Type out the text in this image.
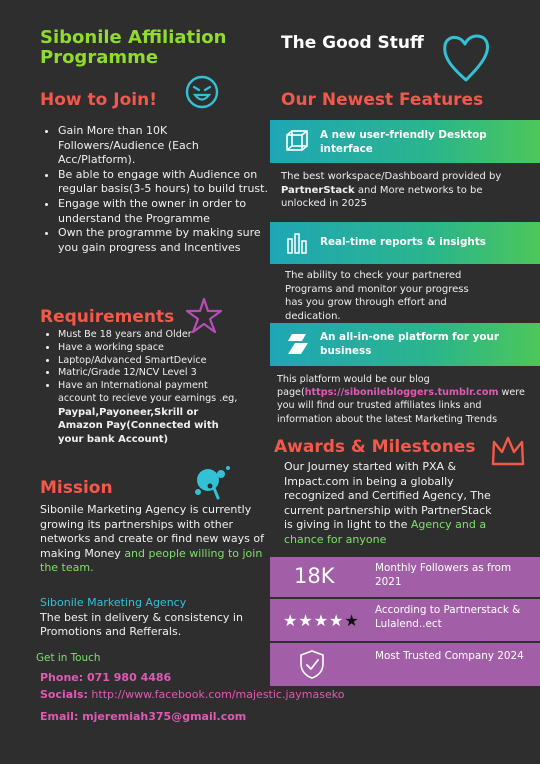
Sibonile Affiliation
Programme
How to Join!
• Gain More than 10K Followers/Audience (Each Acc/Platform).
• Be able to engage with Audience on regular basis(3-5 hours) to build trust.
• Engage with the owner in order to understand the Programme
• Own the programme by making sure you gain progress and Incentives
Requirements
• Must Be 18 years and Older
• Have a working space
• Laptop/Advanced SmartDevice
• Matric/Grade 12/NCV Level 3
• Have an International payment account to recieve your earnings .eg,
Paypal,Payoneer,Skrill or Amazon Pay(Connected with your bank Account)
Mission
Sibonile Marketing Agency is currently growing its partnerships with other networks and create or find new ways of making Money and people willing to join the team.
Sibonile Marketing Agency
The best in delivery & consistency in Promotions and Refferals.
Get in Touch
Phone: 071 980 4486
Socials: http://www.facebook.com/majestic.jaymaseko
Email: mjeremiah375@gmail.com
The Good Stuff
Our Newest Features
A new user-friendly Desktop interface
The best workspace/Dashboard provided by PartnerStack and More networks to be unlocked in 2025
Real-time reports & insights
The ability to check your partnered Programs and monitor your progress has you grow through effort and dedication.
An all-in-one platform for your business
This platform would be our blog page(https://sibonilebloggers.tumblr.com were you will find our trusted affiliates links and information about the latest Marketing Trends
Awards & Milestones
Our Journey started with PXA & Impact.com in being a globally recognized and Certified Agency, The current partnership with PartnerStack is giving in light to the Agency and a chance for anyone
18K	Monthly Followers as from 2021
★★★★★
According to Partnerstack & Lulalend..ect
Most Trusted Company 2024
